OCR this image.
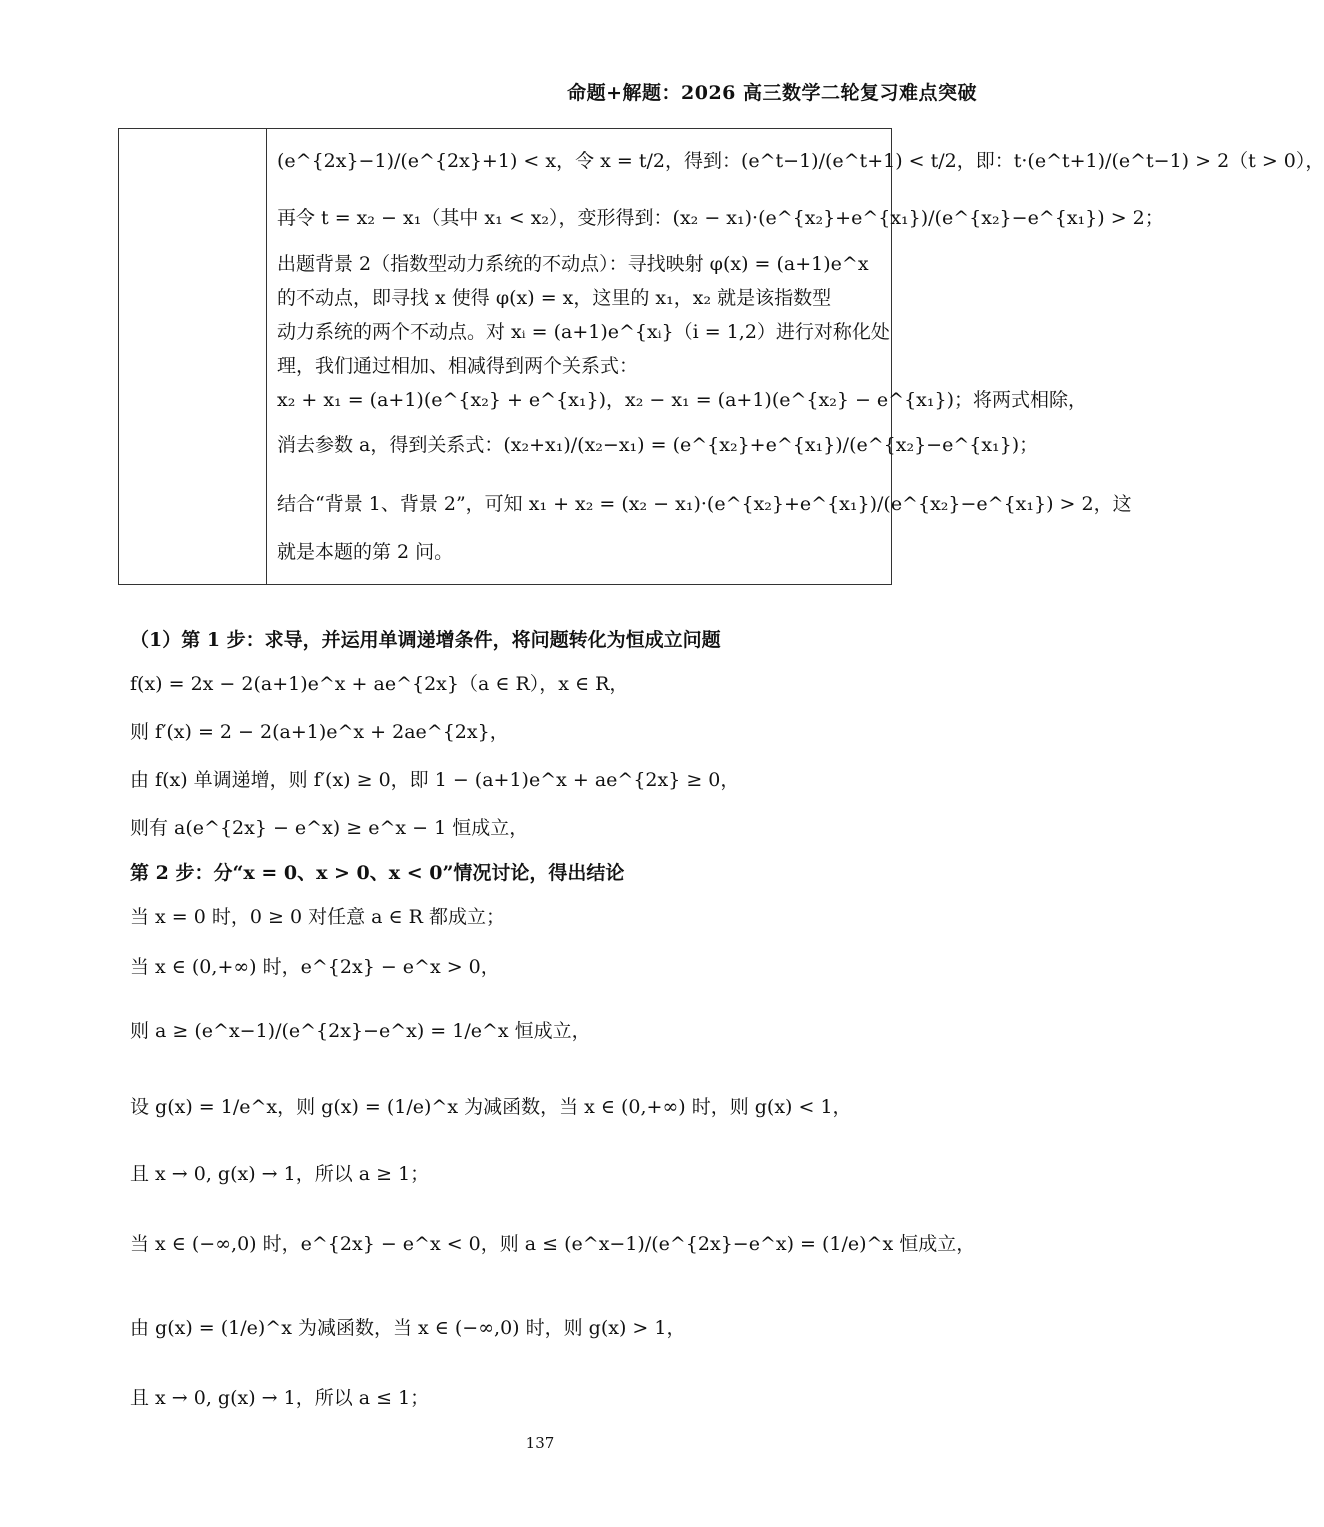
命题+解题：2026 高三数学二轮复习难点突破
(e^{2x}−1)/(e^{2x}+1) < x，令 x = t/2，得到：(e^t−1)/(e^t+1) < t/2，即：t·(e^t+1)/(e^t−1) > 2（t > 0），
再令 t = x₂ − x₁（其中 x₁ < x₂），变形得到：(x₂ − x₁)·(e^{x₂}+e^{x₁})/(e^{x₂}−e^{x₁}) > 2；
出题背景 2（指数型动力系统的不动点）：寻找映射 φ(x) = (a+1)e^x
的不动点，即寻找 x 使得 φ(x) = x，这里的 x₁，x₂ 就是该指数型
动力系统的两个不动点。对 xᵢ = (a+1)e^{xᵢ}（i = 1,2）进行对称化处
理，我们通过相加、相减得到两个关系式：
x₂ + x₁ = (a+1)(e^{x₂} + e^{x₁})，x₂ − x₁ = (a+1)(e^{x₂} − e^{x₁})；将两式相除，
消去参数 a，得到关系式：(x₂+x₁)/(x₂−x₁) = (e^{x₂}+e^{x₁})/(e^{x₂}−e^{x₁})；
结合“背景 1、背景 2”，可知 x₁ + x₂ = (x₂ − x₁)·(e^{x₂}+e^{x₁})/(e^{x₂}−e^{x₁}) > 2，这
就是本题的第 2 问。

（1）第 1 步：求导，并运用单调递增条件，将问题转化为恒成立问题

f(x) = 2x − 2(a+1)e^x + ae^{2x}（a ∈ R），x ∈ R，

则 f′(x) = 2 − 2(a+1)e^x + 2ae^{2x}，

由 f(x) 单调递增，则 f′(x) ≥ 0，即 1 − (a+1)e^x + ae^{2x} ≥ 0，

则有 a(e^{2x} − e^x) ≥ e^x − 1 恒成立，

第 2 步：分“x = 0、x > 0、x < 0”情况讨论，得出结论

当 x = 0 时，0 ≥ 0 对任意 a ∈ R 都成立；

当 x ∈ (0,+∞) 时，e^{2x} − e^x > 0，

则 a ≥ (e^x−1)/(e^{2x}−e^x) = 1/e^x 恒成立，

设 g(x) = 1/e^x，则 g(x) = (1/e)^x 为减函数，当 x ∈ (0,+∞) 时，则 g(x) < 1，

且 x → 0, g(x) → 1，所以 a ≥ 1；

当 x ∈ (−∞,0) 时，e^{2x} − e^x < 0，则 a ≤ (e^x−1)/(e^{2x}−e^x) = (1/e)^x 恒成立，

由 g(x) = (1/e)^x 为减函数，当 x ∈ (−∞,0) 时，则 g(x) > 1，

且 x → 0, g(x) → 1，所以 a ≤ 1；

137
